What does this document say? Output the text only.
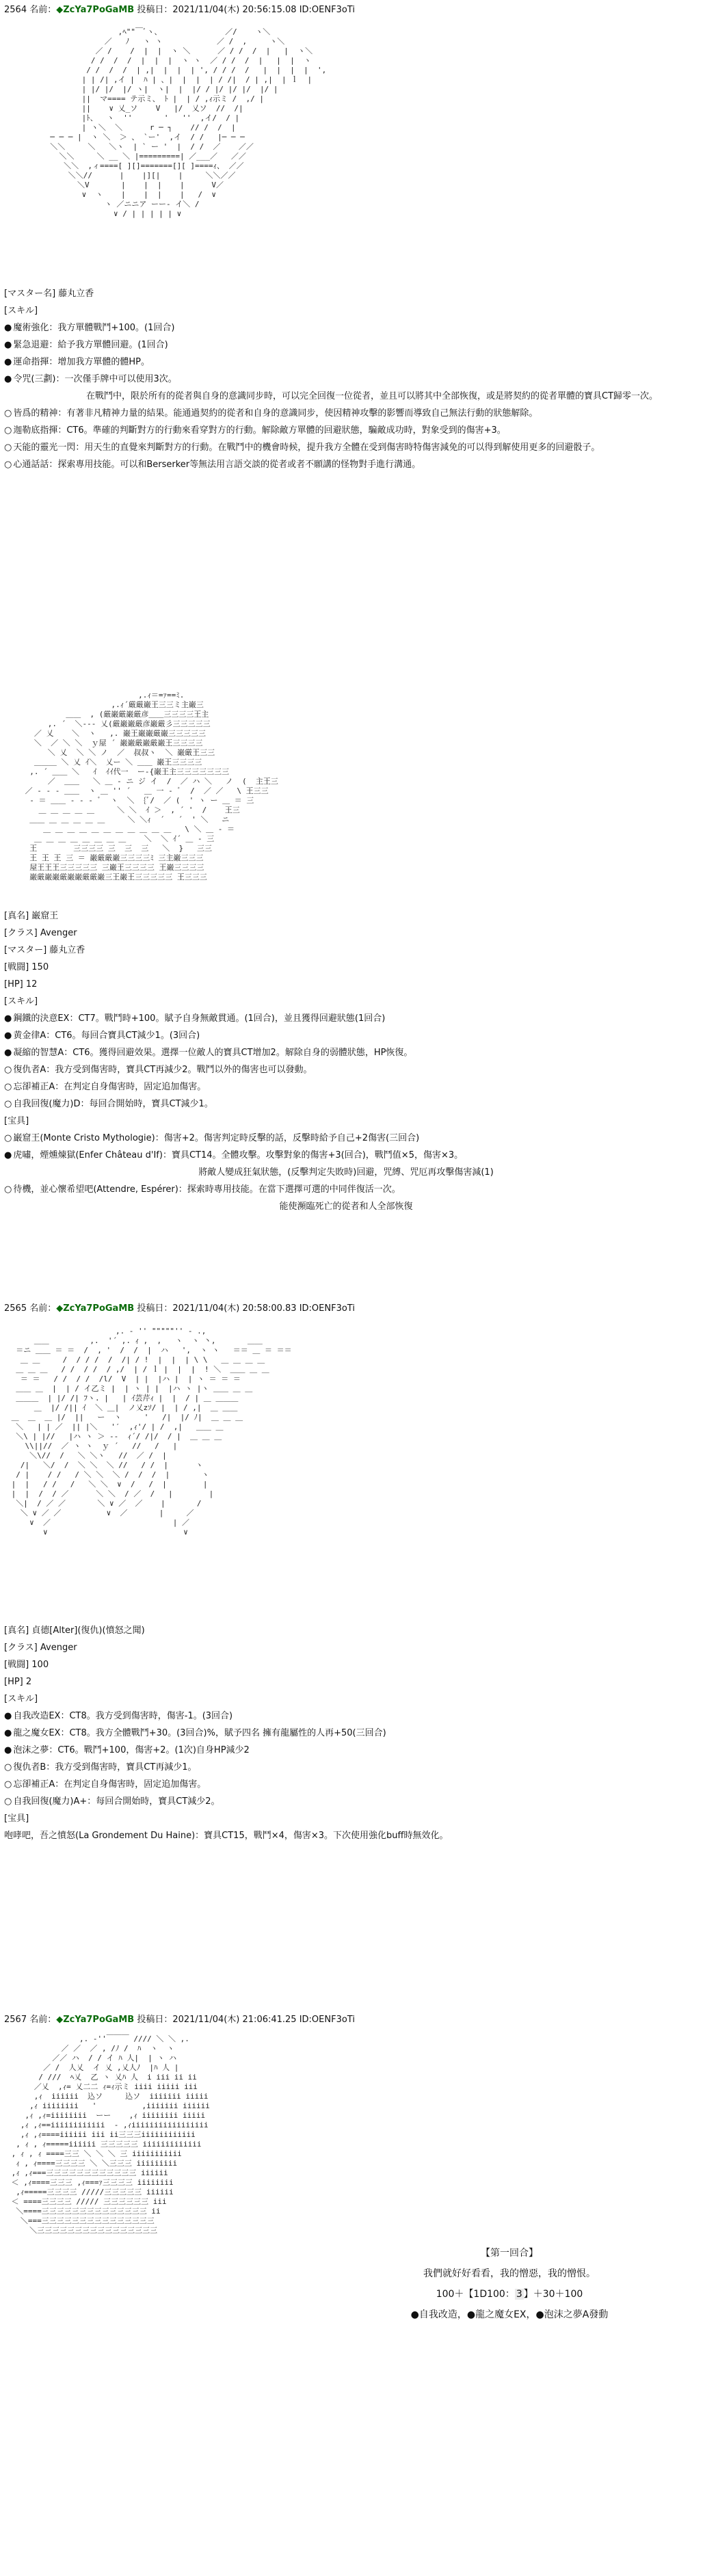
2564 名前：◆ZcYa7PoGaMB 投稿日：2021/11/04(木) 20:56:15.08 ID:OENF3oTi
,ﾍ""￣ﾞヽ、              ／/    ヽ＼
／   ﾉ   ヽ ヽ            ／ /  ,     ヽ＼
／ /    /  |  |  ヽ ＼      ／ / /  /  |   |  ヽ＼
/ /  /  /  |  |  |  ヽ ヽ  ／ / /  /  |   |  |  ヽ
/ /  /  /  | ,|  |  |  | ', / / /  /   |  |  |  |  ',
| | /| ,イ |  ﾊ | 、|  |  |  | / /|  / | ,|  | ｌ  |
| |/ |/  |/ ヽ|  ヽ|  |  |/ / |/ |/ |/  |/ |
||  マ==== テ示ミ、 ﾄ |  | / ,ｨ示ミ /  ,/ |
||    ∨ 乂_ソ    V   |/  乂ソ  //  /|
|ﾄ、  ヽ  ''       '   ''  ,イ/  / |
| ヽ＼  ＼      r ─ ┐    // /  /  |
─ ─ ─ |  ヽ ＼  ＞ 、 `ー'  ,イ  / /   |─ ─ ─
＼＼     ＼   ＼ヽ  | ` ー '  |  / /  ／    ／／
＼＼     ＼ __ ＼ |=========| ／___／   ／／
＼＼  ,ィ====[ ][]=======[][ ]====ｨ、 ／／
＼＼//      |    |][|    |     ＼＼／／
＼V       |    |  |    |      V／
∨  ヽ    |    |  |    |   /  ∨
ヽ ／ニニア ーー‐ イ＼ /
∨ / | | | | | ∨

[マスター名] 藤丸立香

[スキル]

● 魔術強化：我方單體戰鬥+100。(1回合)

● 緊急退避：給予我方單體回避。(1回合)

● 運命指揮：增加我方單體的體HP。

● 令咒(三劃)：一次僅手牌中可以使用3次。

在戰鬥中，限於所有的從者與自身的意識同步時，可以完全回復一位從者，並且可以將其中全部恢復，或是將契約的從者單體的寶具CT歸零一次。

○ 皆爲的精神：有著非凡精神力量的結果。能通過契約的從者和自身的意識同步，使因精神攻擊的影響而導致自己無法行動的狀態解除。

○ 迦勒底指揮：CT6。準確的判斷對方的行動來看穿對方的行動。解除敵方單體的回避狀態，騙敵成功時，對象受到的傷害+3。

○ 天能的靈光一閃：用天生的直覺來判斷對方的行動。在戰鬥中的機會時候，提升我方全體在受到傷害時特傷害減免的可以得到解使用更多的回避骰子。

○ 心通話話：探索專用技能。可以和Berserker等無法用言語交談的從者或者不願講的怪物對手進行溝通。

,.ｨ＝=ｧ==ﾐ.
,.ｨ´厳厳巌王三三ミ主巌三
＿＿  , (厳巌厳巌厳彦＿＿三三三三王主
,. ´  ＼--- 乂(厳巌巌厳彦巌厳彡三三三三三
／ 乂    ＼  ヽ   ,. 巌王巌巌厳巌三三三三三
＼  ／ ＼ ＼  ｙ屋 ´ 巌巌厳巌厳巌王三三三三
＼ 乂  ＼ ＼ ノ  ／  叔叔ヽ  ＼ 巌厳王三三
＿＿＿ ＼ 乂 ｲ＼  乂ー ＼ ＿＿ 巌王三三三三
,. ´ ＿＿ ＼   ｲ  ｲｲ代一  ー‐{巌王主三三三三三三三
／  ＿＿   ＼ ＿ ‐ ニ ジ イ  /  ／ ハ ＼   ノ  (  主王三
／ ‐ ‐ ‐ ＿＿  ヽ ＿ '' ´   ＿ 一 ‐ ﾞ  /  ／ ／   \ 王三三
‐ ＝ ＿＿ ‐ ‐ ‐ ﾞ  ヽ  ＼  {ﾞ/  ／ (  ' ヽ ー ＿ ＝ 三
＿ ＿ ＿ ＿ ＿     ＼ ＼  ｲ ＞  , ´ '  /    王三
＿＿ ＿ ＿ ＿ ＿ ＿     ＼ ＼ｨ  ´   ´  ' ＼   ニ
＿ ＿ ＿ ＿ ＿ ＿ ＿ ＿ ＿ ＿ ＿   \ ＼ ＿ ‐ ＝
＿ ＿ ＿ ＿ ＿ ＿ ＿ ＿    ＼  ＼ ｲ´ ＿ ‐ 三
王        三三三三 三  三  三   ＼  }   三三
王 王 王 三 ＝ 巌厳厳巌三三三三ﾐ 三主巌三三三
屋王王王三三三三三 三巌王三三三三 王巌三三三三
巌厳巌巌厳巌巌厳厳巌三王巌王三三三三三 王三三三

[真名] 巌窟王

[クラス] Avenger

[マスター] 藤丸立香

[戦闘] 150

[HP] 12

[スキル]

● 鋼鐵的決意EX：CT7。戰鬥時+100。賦予自身無敵貫通。(1回合)，並且獲得回避狀態(1回合)

● 黄金律A：CT6。每回合寶具CT減少1。(3回合)

● 凝縮的智慧A：CT6。獲得回避效果。選擇一位敵人的寶具CT增加2。解除自身的弱體狀態，HP恢復。

○ 復仇者A：我方受到傷害時，寶具CT再減少2。戰鬥以外的傷害也可以發動。

○ 忘卻補正A：在判定自身傷害時，固定追加傷害。

○ 自我回復(魔力)D：每回合開始時，寶具CT減少1。

[宝具]

○ 巌窟王(Monte Cristo Mythologie)：傷害+2。傷害判定時反擊的話，反擊時給予自己+2傷害(三回合)

● 虎嘯，煙燻煉獄(Enfer Château d'If)：寶具CT14。全體攻擊。攻擊對象的傷害+3(回合)，戰鬥值×5，傷害×3。

將敵人變成狂氣狀態，(反擊判定失敗時)回避，咒縛、咒厄再攻擊傷害減(1)

○ 待機，並心懷希望吧(Attendre, Espérer)：探索時專用技能。在當下選擇可選的中同伴復活一次。

能使瀕臨死亡的從者和人全部恢復

2565 名前：◆ZcYa7PoGaMB 投稿日：2021/11/04(木) 20:58:00.83 ID:OENF3oTi
,. - '' """""'' - .,
＿＿         ,.  '´ ,. ｨ ,  ,   ヽ  ヽ 丶,       ＿＿
＝ニ ＿＿ ＝ ＝  /  , '  /  /  |  ハ   ',  ヽ ヽ   ＝＝ ＿ ＝ ＝＝
＿ ＿     /  / / /  /  /| / !  |  |  | \ \   ＿ ＿ ＿ ＿
＿ ＿ ＿   / /  / /  / ,/  | / ｌ |  |  |  ! ＼  ＿＿ ＿ ＿
＝ ＝   / /  / /  /l/  V  | |  |ハ |  | ヽ ＝ ＝ ＝
＿＿ ＿  |  | / イ乙ミ |  | ヽ | |  |ハ ヽ |ヽ ＿＿ ＿ ＿
＿＿＿  | |/ /| ﾌヽ. |   | ｲ芸芹ｨ |  |  / | ＿ ＿＿＿
＿  |/ /|| ｲ  ＼ ＿|  ノ乂zｿ/ |  | / ,|  ＿ ＿＿
＿  ＿  ＿ |/  ||   ー  ヽ     '   /|  |/ ﾉ|  ＿ ＿ ＿
＼   | | ／  || |＼   '′  ,ｨ'/ | /  ,|   ＿＿ ＿
＼\ | |//   |ハ ヽ ＞ -‐  ｨ´/ /|/  / |  ＿ ＿ ＿
\\||//  ／ ヽ ヽ  ｙ ´   //   /   |
＼\//  /   ＼ ＼ヽ   //  ／ /  |
/|   ＼/  /  ＼ ＼  ＼ //   / /  |      ヽ
/ |    / /   / ＼ ＼  ＼ /  /  /  |       ヽ
|  |   / /   /   ＼ ＼  ∨  /   /  |        |
|  |  /  / ／      ＼ ＼  / ／  /   |        |
＼|  / ／ ／       ＼ ∨ ／  ／    |       /
＼ ∨ ／ ／          ∨  ／       |     ／
∨  ／                           | ／
∨                              ∨

[真名] 貞德[Alter](復仇)(憤怒之聞)

[クラス] Avenger

[戦闘] 100

[HP] 2

[スキル]

● 自我改造EX：CT8。我方受到傷害時，傷害-1。(3回合)

● 龍之魔女EX：CT8。我方全體戰鬥+30。(3回合)%，賦予四名 擁有龍屬性的人再+50(三回合)

● 泡沫之夢：CT6。戰鬥+100，傷害+2。(1次)自身HP減少2

○ 復仇者B：我方受到傷害時，寶具CT再減少1。

○ 忘卻補正A：在判定自身傷害時，固定追加傷害。

○ 自我回復(魔力)A+：每回合開始時，寶具CT減少2。

[宝具]

咆哮吧，吾之憤怒(La Grondement Du Haine)：寶具CT15，戰鬥×4，傷害×3。下次使用強化buff時無效化。

2567 名前：◆ZcYa7PoGaMB 投稿日：2021/11/04(木) 21:06:41.25 ID:OENF3oTi
,. ‐''￣￣￣ //// ＼ ＼ ,.
／ ／  ／ , /ﾉ /  ﾊ  ヽ  ヽ
／／ ハ  / / イ ﾊ 人|  | ヽ ハ
／ /  人乂  イ 乂 ,乂人ﾉ  |ﾊ 人 |
/ ///  ﾍ乂  乙 ヽ 乂ﾊ 人  i iii ii ii
／乂  ,ｨ= 乂二二 ｨ=ｨ示ミ iiii iiiii iii
,ｨ  iiiiii  込ソ     込ソ  iiiiiii iiiii
,ｨ iiiiiiii   '          ,iiiiiii iiiiii
,ｨ ,ｨ=iiiiiiii  ーー    ,ｨ iiiiiiii iiiii
,ｨ ,ｨ==iiiiiiiiiiii  ‐ ,ｨiiiiiiiiiiiiiiiii
,ｨ ,ｨ====iiiiii iii ii三三三iiiiiiiiiiii
, ｨ , ｨ=====iiiiii 三三三三三 iiiiiiiiiiiii
, ｨ , ｨ ====三三 ＼ ＼ ＼ 三 iiiiiiiiiii
ｨ , ｨ====三三三三 ＼ ＼三三三 iiiiiiiii
,ｨ ,ｨ===三三三三三三三三三三三三 iiiiii
＜ ,ｨ====三三三 ,ｨ===ｧ三三三三 iiiiiiii
,ｨ=====三三三三 /////三三三三三 iiiiii
＜ ====三三三三 ///// 三三三三三三 iii
＼====三三三三三三三三三三三三三三 ii
＼===三三三三三三三三三三三三三三三
＼三三三三三三三三三三三三三三三三
【第一回合】
我們就好好看看，我的憎惡，我的憎恨。
100＋【1D100： 3 】＋30＋100
●自我改造，●龍之魔女EX，●泡沫之夢A發動
